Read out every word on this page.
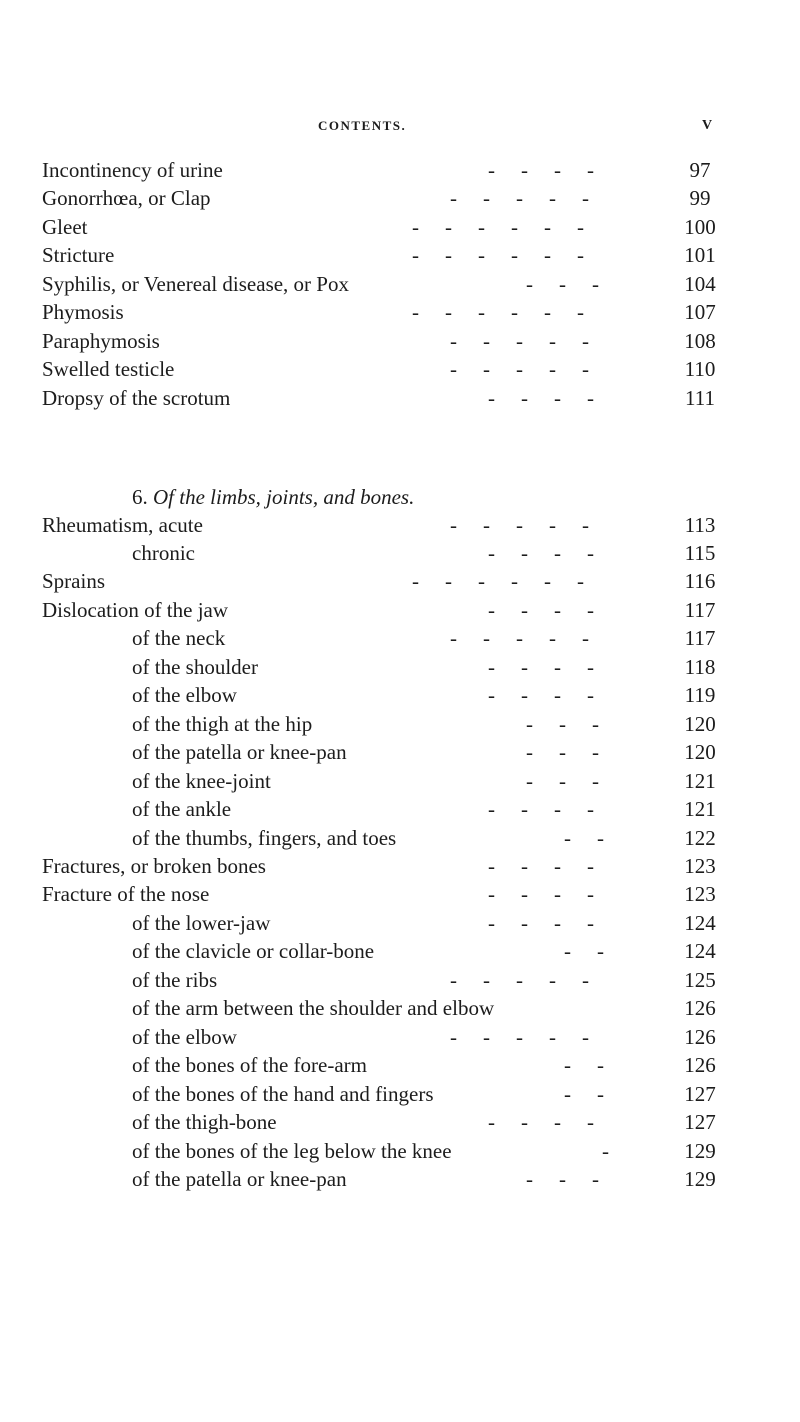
CONTENTS.	V
6. Of the limbs, joints, and bones.
Incontinency of urine	----	97
Gonorrhœa, or Clap	-----	99
Gleet	------	100
Stricture	------	101
Syphilis, or Venereal disease, or Pox	---	104
Phymosis	------	107
Paraphymosis	-----	108
Swelled testicle	-----	110
Dropsy of the scrotum	----	111
Rheumatism, acute	-----	113
chronic	----	115
Sprains	------	116
Dislocation of the jaw	----	117
of the neck	-----	117
of the shoulder	----	118
of the elbow	----	119
of the thigh at the hip	---	120
of the patella or knee-pan	---	120
of the knee-joint	---	121
of the ankle	----	121
of the thumbs, fingers, and toes	--	122
Fractures, or broken bones	----	123
Fracture of the nose	----	123
of the lower-jaw	----	124
of the clavicle or collar-bone	--	124
of the ribs	-----	125
of the arm between the shoulder and elbow	126
of the elbow	-----	126
of the bones of the fore-arm	--	126
of the bones of the hand and fingers	--	127
of the thigh-bone	----	127
of the bones of the leg below the knee	-	129
of the patella or knee-pan	---	129
